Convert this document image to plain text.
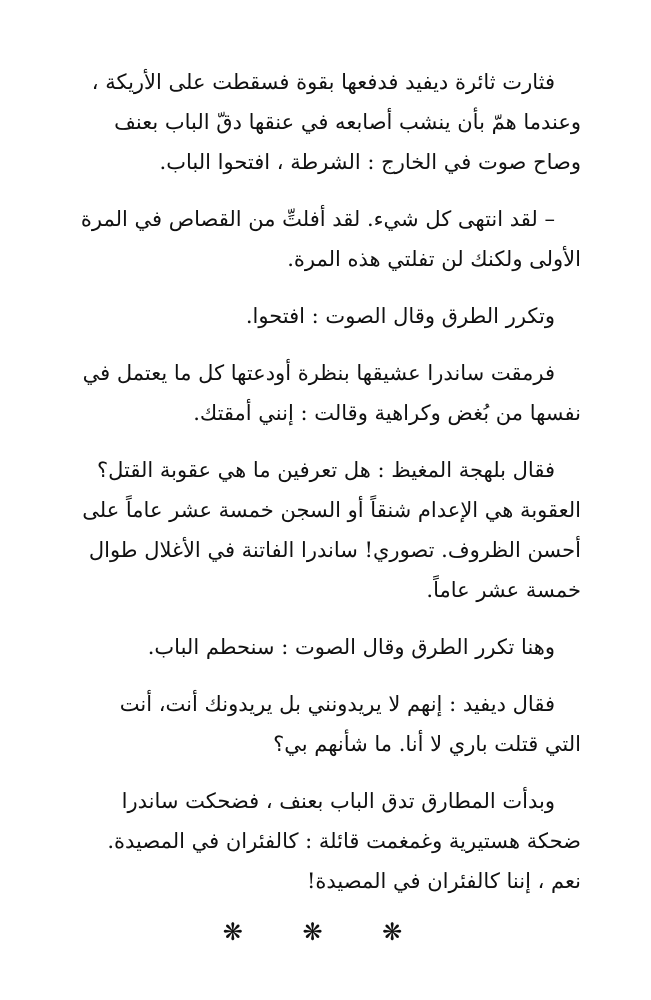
فثارت ثائرة ديفيد فدفعها بقوة فسقطت على الأريكة ،
وعندما همّ بأن ينشب أصابعه في عنقها دقّ الباب بعنف
وصاح صوت في الخارج : الشرطة ، افتحوا الباب.

– لقد انتهى كل شيء. لقد أفلتِّ من القصاص في المرة
الأولى ولكنك لن تفلتي هذه المرة.

وتكرر الطرق وقال الصوت : افتحوا.

فرمقت ساندرا عشيقها بنظرة أودعتها كل ما يعتمل في
نفسها من بُغض وكراهية وقالت : إنني أمقتك.

فقال بلهجة المغيظ : هل تعرفين ما هي عقوبة القتل؟
العقوبة هي الإعدام شنقاً أو السجن خمسة عشر عاماً على
أحسن الظروف. تصوري! ساندرا الفاتنة في الأغلال طوال
خمسة عشر عاماً.

وهنا تكرر الطرق وقال الصوت : سنحطم الباب.

فقال ديفيد : إنهم لا يريدونني بل يريدونك أنت، أنت
التي قتلت باري لا أنا. ما شأنهم بي؟

وبدأت المطارق تدق الباب بعنف ، فضحكت ساندرا
ضحكة هستيرية وغمغمت قائلة : كالفئران في المصيدة.
نعم ، إننا كالفئران في المصيدة!

❋ ❋ ❋
